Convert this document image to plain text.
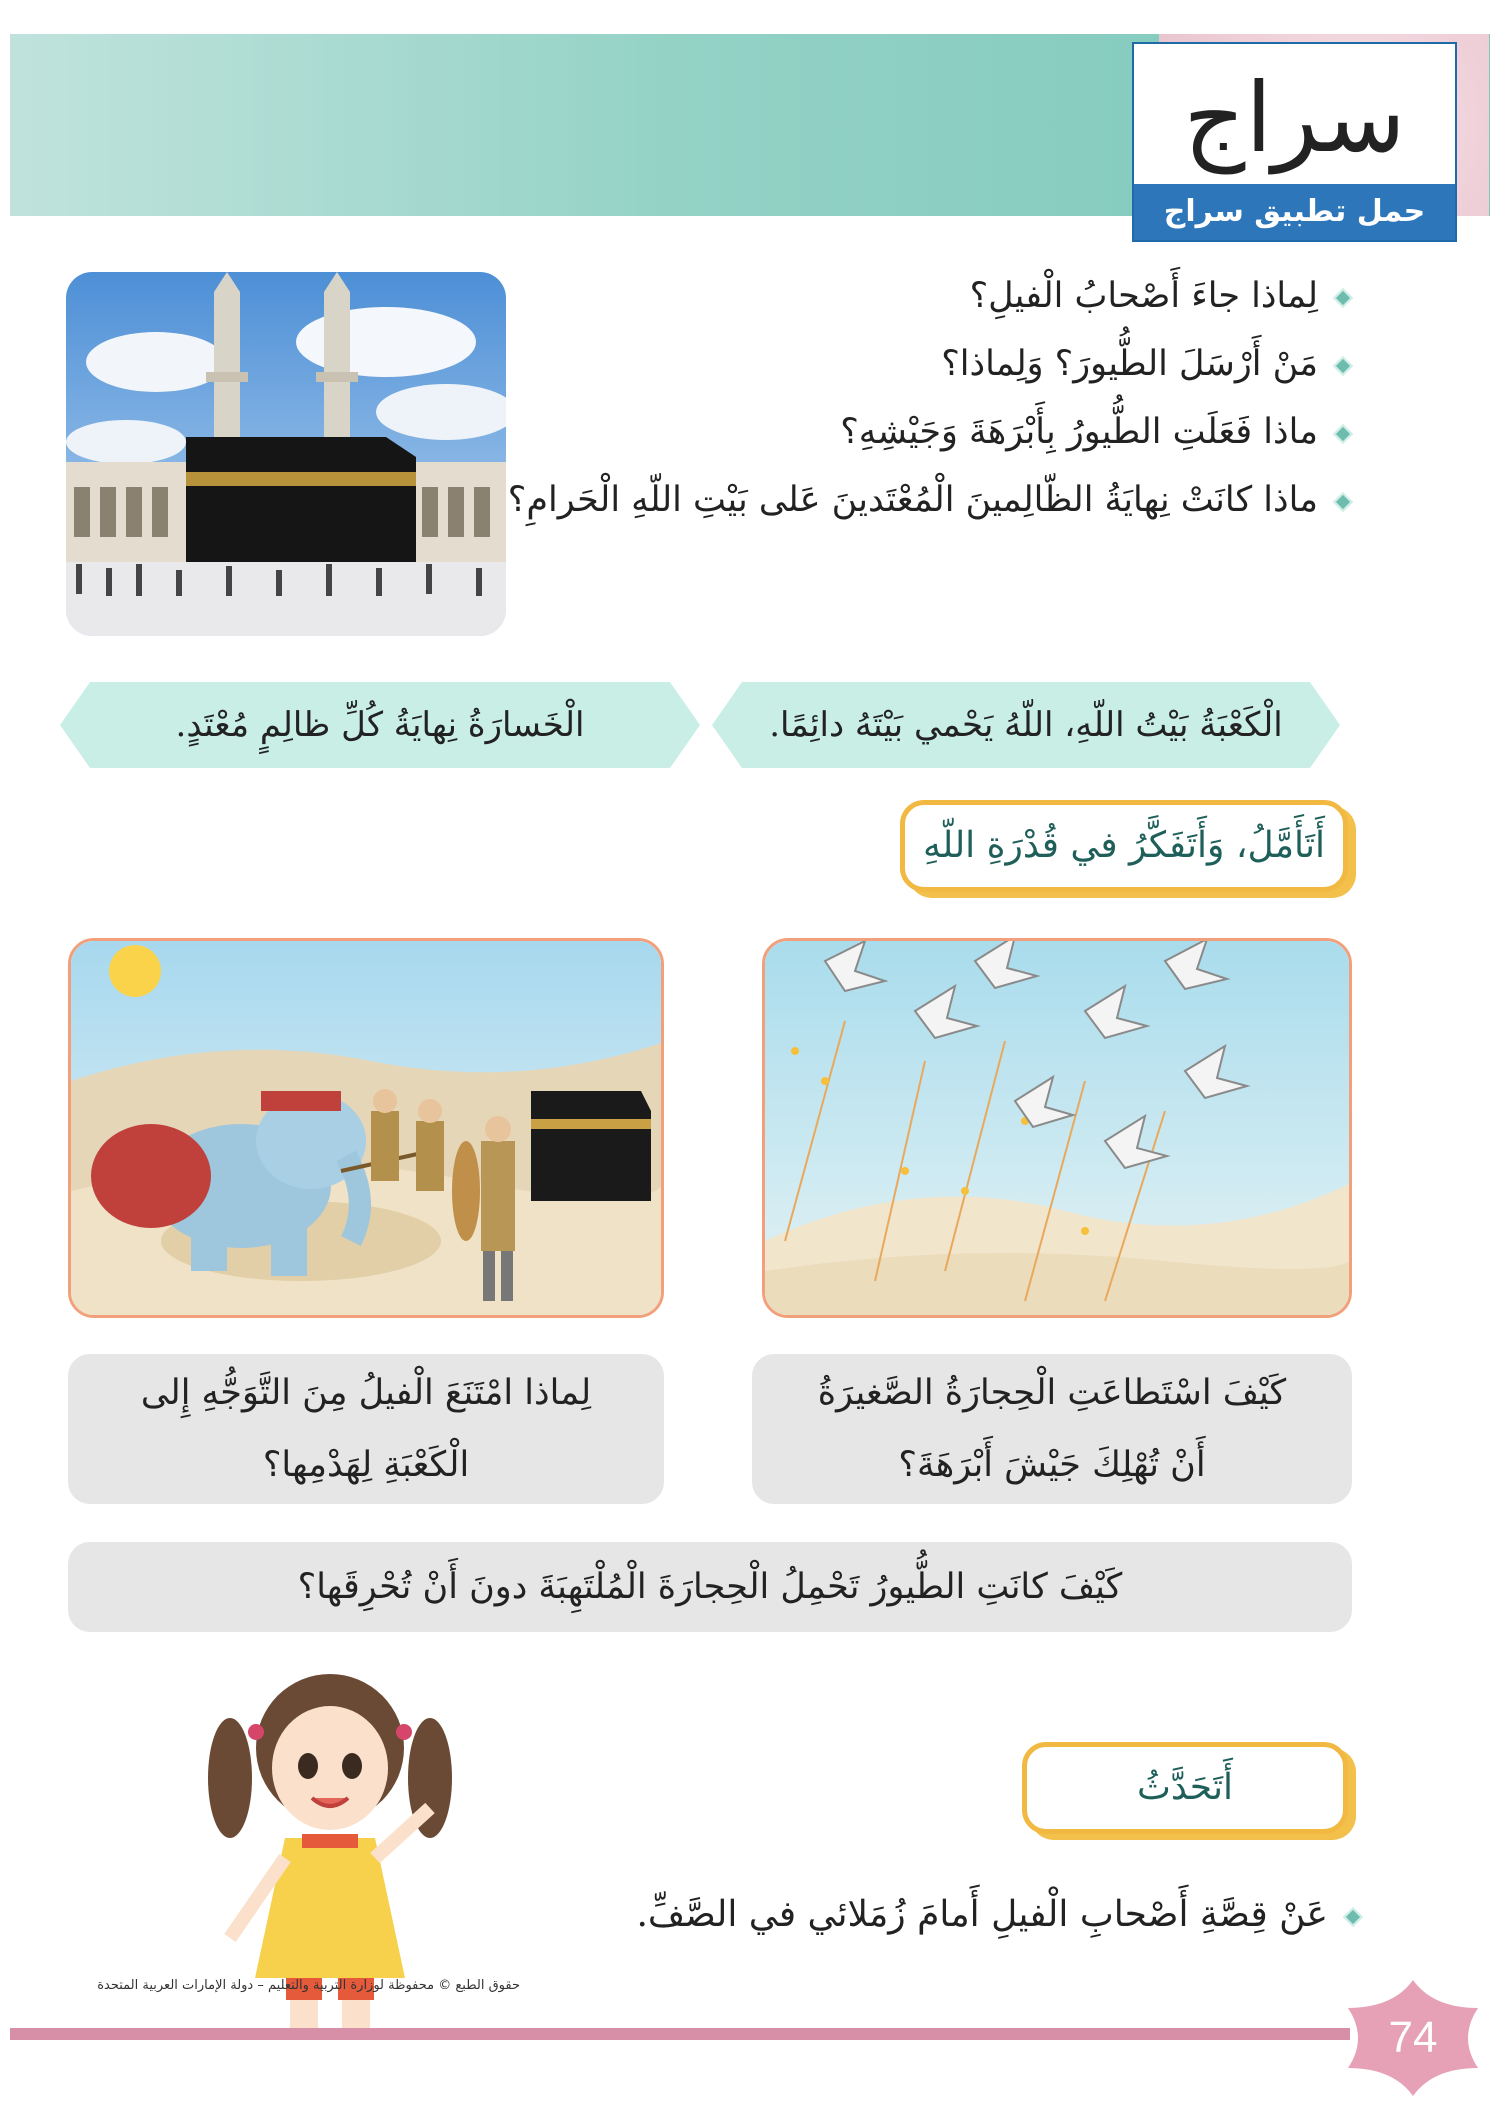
سراج
حمل تطبيق سراج
لِماذا جاءَ أَصْحابُ الْفيلِ؟
مَنْ أَرْسَلَ الطُّيورَ؟ وَلِماذا؟
ماذا فَعَلَتِ الطُّيورُ بِأَبْرَهَةَ وَجَيْشِهِ؟
ماذا كانَتْ نِهايَةُ الظّالِمينَ الْمُعْتَدينَ عَلى بَيْتِ اللّهِ الْحَرامِ؟
الْكَعْبَةُ بَيْتُ اللّهِ، اللّهُ يَحْمي بَيْتَهُ دائِمًا.
الْخَسارَةُ نِهايَةُ كُلِّ ظالِمٍ مُعْتَدٍ.
أَتَأَمَّلُ، وَأَتَفَكَّرُ في قُدْرَةِ اللّهِ
كَيْفَ اسْتَطاعَتِ الْحِجارَةُ الصَّغيرَةُ
أَنْ تُهْلِكَ جَيْشَ أَبْرَهَةَ؟
لِماذا امْتَنَعَ الْفيلُ مِنَ التَّوَجُّهِ إِلى
الْكَعْبَةِ لِهَدْمِها؟
كَيْفَ كانَتِ الطُّيورُ تَحْمِلُ الْحِجارَةَ الْمُلْتَهِبَةَ دونَ أَنْ تُحْرِقَها؟
أَتَحَدَّثُ
عَنْ قِصَّةِ أَصْحابِ الْفيلِ أَمامَ زُمَلائي في الصَّفِّ.
حقوق الطبع © محفوظة لوزارة التربية والتعليم – دولة الإمارات العربية المتحدة
74
